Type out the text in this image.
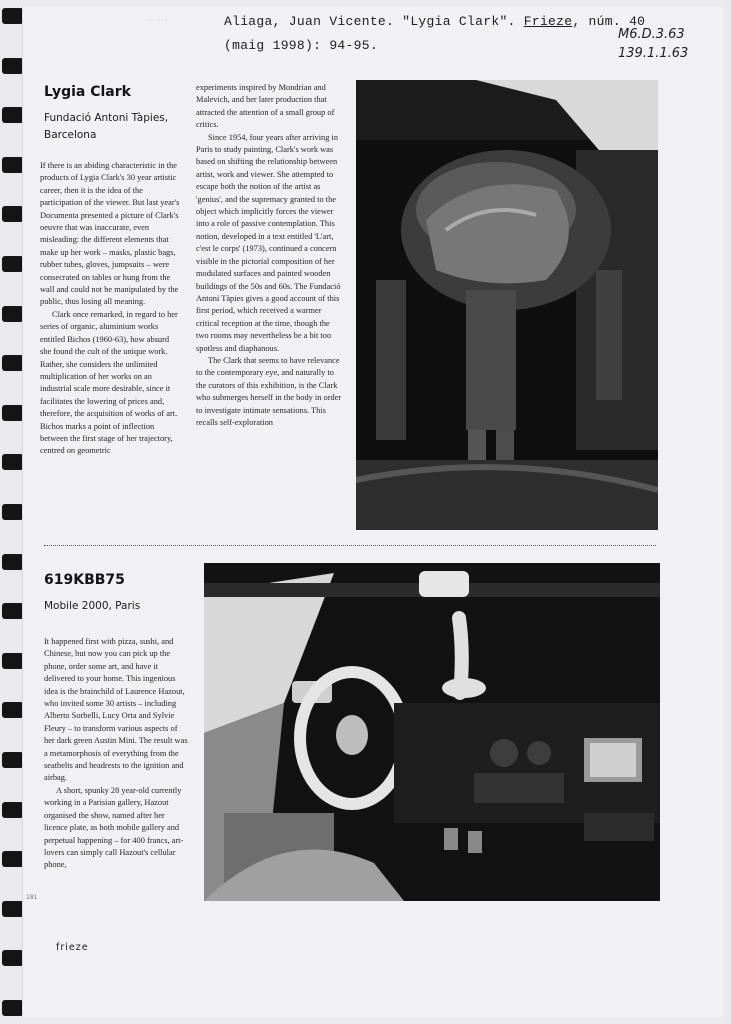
· · ·	Aliaga, Juan Vicente. "Lygia Clark". Frieze, núm. 40
(maig 1998): 94-95.
M6.D.3.63
139.1.1.63
Lygia Clark
Fundació Antoni Tàpies,
Barcelona

If there is an abiding characteristic in the products of Lygia Clark's 30 year artistic career, then it is the idea of the participation of the viewer. But last year's Documenta presented a picture of Clark's oeuvre that was inaccurate, even misleading: the different elements that make up her work – masks, plastic bags, rubber tubes, gloves, jumpsuits – were consecrated on tables or hung from the wall and could not be manipulated by the public, thus losing all meaning.

Clark once remarked, in regard to her series of organic, aluminium works entitled Bichos (1960-63), how absurd she found the cult of the unique work. Rather, she considers the unlimited multiplication of her works on an industrial scale more desirable, since it facilitates the lowering of prices and, therefore, the acquisition of works of art. Bichos marks a point of inflection between the first stage of her trajectory, centred on geometric

experiments inspired by Mondrian and Malevich, and her later production that attracted the attention of a small group of critics.

Since 1954, four years after arriving in Paris to study painting, Clark's work was based on shifting the relationship between artist, work and viewer. She attempted to escape both the notion of the artist as 'genius', and the supremacy granted to the object which implicitly forces the viewer into a role of passive contemplation. This notion, developed in a text entitled 'L'art, c'est le corps' (1973), continued a concern visible in the pictorial composition of her modulated surfaces and painted wooden buildings of the 50s and 60s. The Fundació Antoni Tàpies gives a good account of this first period, which received a warmer critical reception at the time, though the two rooms may nevertheless be a bit too spotless and diaphanous.

The Clark that seems to have relevance to the contemporary eye, and naturally to the curators of this exhibition, is the Clark who submerges herself in the body in order to investigate intimate sensations. This recalls self-exploration

619KBB75
Mobile 2000, Paris

It happened first with pizza, sushi, and Chinese, but now you can pick up the phone, order some art, and have it delivered to your home. This ingenious idea is the brainchild of Laurence Hazout, who invited some 30 artists – including Alberto Sorbelli, Lucy Orta and Sylvie Fleury – to transform various aspects of her dark green Austin Mini. The result was a metamorphosis of everything from the seatbelts and headrests to the ignition and airbag.

A short, spunky 28 year-old currently working in a Parisian gallery, Hazout organised the show, named after her licence plate, as both mobile gallery and perpetual happening – for 400 francs, art-lovers can simply call Hazout's cellular phone,

181
frieze
